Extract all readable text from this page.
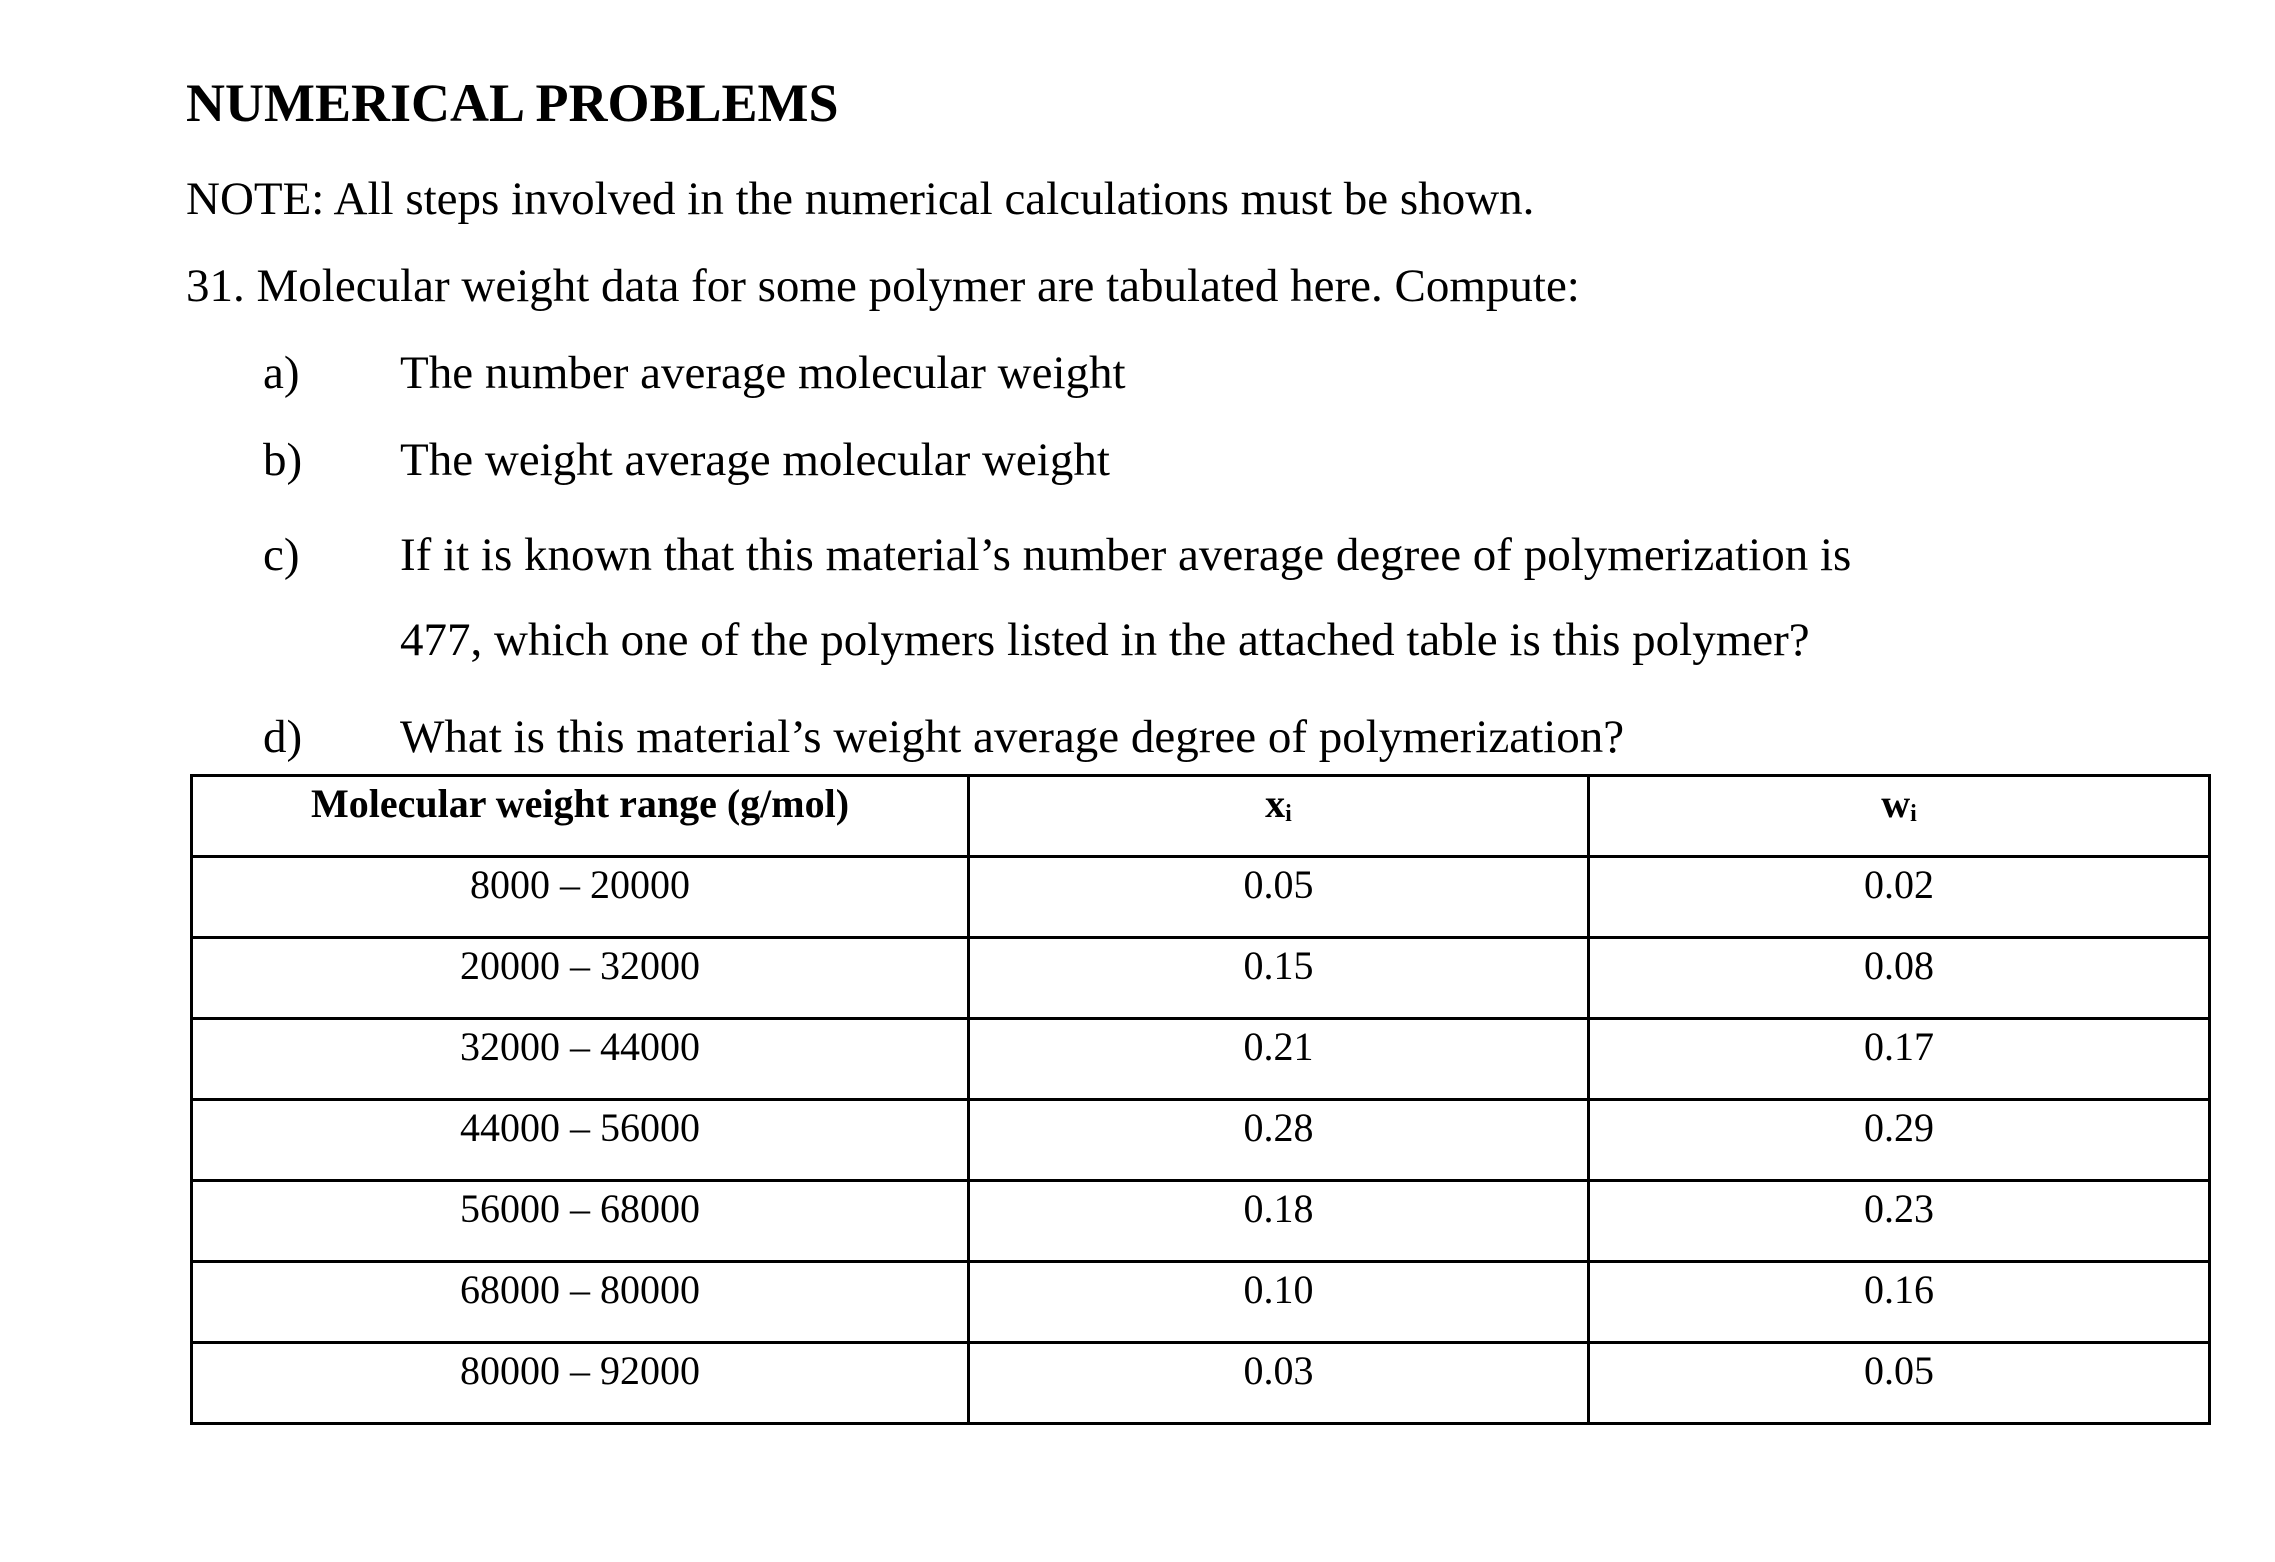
NUMERICAL PROBLEMS
NOTE: All steps involved in the numerical calculations must be shown.
31. Molecular weight data for some polymer are tabulated here. Compute:
a) The number average molecular weight
b) The weight average molecular weight
c) If it is known that this material’s number average degree of polymerization is
477, which one of the polymers listed in the attached table is this polymer?
d) What is this material’s weight average degree of polymerization?
Molecular weight range (g/mol)	xi	wi
8000 – 20000	0.05	0.02
20000 – 32000	0.15	0.08
32000 – 44000	0.21	0.17
44000 – 56000	0.28	0.29
56000 – 68000	0.18	0.23
68000 – 80000	0.10	0.16
80000 – 92000	0.03	0.05
